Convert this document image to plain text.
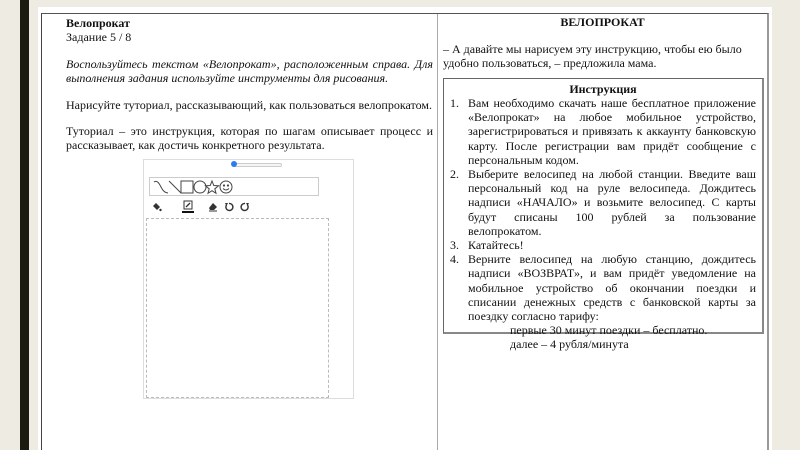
Велопрокат
Задание 5 / 8
Воспользуйтесь текстом «Велопрокат», расположенным справа. Для выполнения задания используйте инструменты для рисования.
Нарисуйте туториал, рассказывающий, как пользоваться велопрокатом.
Туториал – это инструкция, которая по шагам описывает процесс и рассказывает, как достичь конкретного результата.
ВЕЛОПРОКАТ
– А давайте мы нарисуем эту инструкцию, чтобы ею было удобно пользоваться, – предложила мама.
Инструкция
1. Вам необходимо скачать наше бесплатное приложение «Велопрокат» на любое мобильное устройство, зарегистрироваться и привязать к аккаунту банковскую карту. После регистрации вам придёт сообщение с персональным кодом.
2. Выберите велосипед на любой станции. Введите ваш персональный код на руле велосипеда. Дождитесь надписи «НАЧАЛО» и возьмите велосипед. С карты будут списаны 100 рублей за пользование велопрокатом.
3. Катайтесь!
4. Верните велосипед на любую станцию, дождитесь надписи «ВОЗВРАТ», и вам придёт уведомление на мобильное устройство об окончании поездки и списании денежных средств с банковской карты за поездку согласно тарифу:
первые 30 минут поездки – бесплатно.
далее – 4 рубля/минута
